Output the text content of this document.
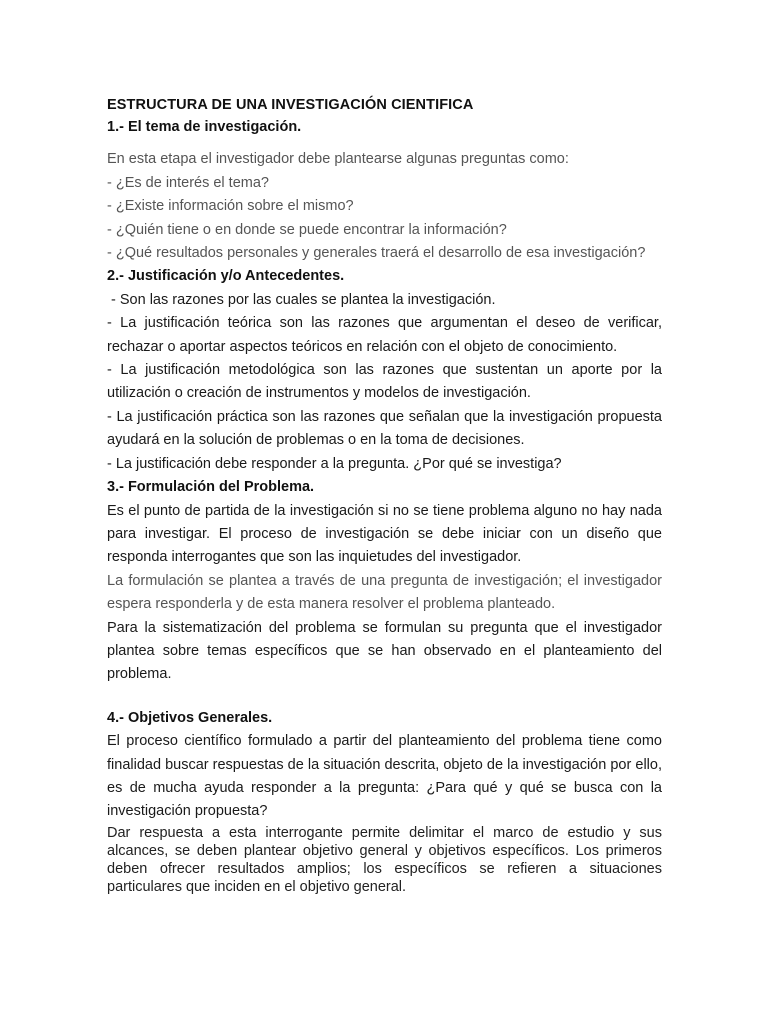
ESTRUCTURA DE UNA INVESTIGACIÓN CIENTIFICA

1.- El tema de investigación.

En esta etapa el investigador debe plantearse algunas preguntas como:

- ¿Es de interés el tema?

- ¿Existe información sobre el mismo?

- ¿Quién tiene o en donde se puede encontrar la información?

- ¿Qué resultados personales y generales traerá el desarrollo de esa investigación?

2.- Justificación y/o Antecedentes.

- Son las razones por las cuales se plantea la investigación.

- La justificación teórica son las razones que argumentan el deseo de verificar, rechazar o aportar aspectos teóricos en relación con el objeto de conocimiento.

- La justificación metodológica son las razones que sustentan un aporte por la utilización o creación de instrumentos y modelos de investigación.

- La justificación práctica son las razones que señalan que la investigación propuesta ayudará en la solución de problemas o en la toma de decisiones.

- La justificación debe responder a la pregunta. ¿Por qué se investiga?

3.- Formulación del Problema.

Es el punto de partida de la investigación si no se tiene problema alguno no hay nada para investigar. El proceso de investigación se debe iniciar con un diseño que responda interrogantes que son las inquietudes del investigador.

La formulación se plantea a través de una pregunta de investigación; el investigador espera responderla y de esta manera resolver el problema planteado.

Para la sistematización del problema se formulan su pregunta que el investigador plantea sobre temas específicos que se han observado en el planteamiento del problema.

4.- Objetivos Generales.

El proceso científico formulado a partir del planteamiento del problema tiene como finalidad buscar respuestas de la situación descrita, objeto de la investigación por ello, es de mucha ayuda responder a la pregunta: ¿Para qué y qué se busca con la investigación propuesta?

Dar respuesta a esta interrogante permite delimitar el marco de estudio y sus alcances, se deben plantear objetivo general y objetivos específicos. Los primeros deben ofrecer resultados amplios; los específicos se refieren a situaciones particulares que inciden en el objetivo general.
